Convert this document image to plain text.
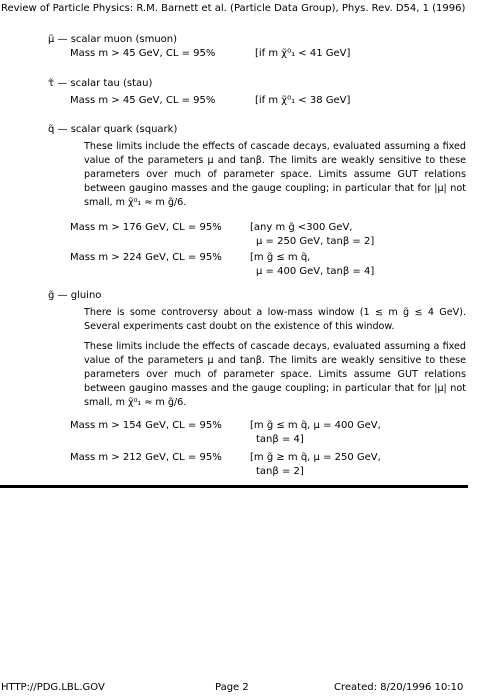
Review of Particle Physics: R.M. Barnett et al. (Particle Data Group), Phys. Rev. D54, 1 (1996)
μ̃ — scalar muon (smuon)
Mass m > 45 GeV, CL = 95%	[if m χ̃⁰₁ < 41 GeV]
τ̃ — scalar tau (stau)
Mass m > 45 GeV, CL = 95%	[if m χ̃⁰₁ < 38 GeV]
q̃ — scalar quark (squark)

These limits include the effects of cascade decays, evaluated assuming a fixed value of the parameters μ and tanβ. The limits are weakly sensitive to these parameters over much of parameter space. Limits assume GUT relations between gaugino masses and the gauge coupling; in particular that for |μ| not small, m χ̃⁰₁ ≈ m g̃/6.

Mass m > 176 GeV, CL = 95%	[any m g̃ <300 GeV,
μ = 250 GeV, tanβ = 2]
Mass m > 224 GeV, CL = 95%	[m g̃ ≤ m q̃,
μ = 400 GeV, tanβ = 4]
g̃ — gluino

There is some controversy about a low-mass window (1 ≲ m g̃ ≲ 4 GeV). Several experiments cast doubt on the existence of this window.

These limits include the effects of cascade decays, evaluated assuming a fixed value of the parameters μ and tanβ. The limits are weakly sensitive to these parameters over much of parameter space. Limits assume GUT relations between gaugino masses and the gauge coupling; in particular that for |μ| not small, m χ̃⁰₁ ≈ m g̃/6.

Mass m > 154 GeV, CL = 95%	[m g̃ ≤ m q̃, μ = 400 GeV,
tanβ = 4]
Mass m > 212 GeV, CL = 95%	[m g̃ ≥ m q̃, μ = 250 GeV,
tanβ = 2]
HTTP://PDG.LBL.GOV	Page 2	Created: 8/20/1996 10:10
